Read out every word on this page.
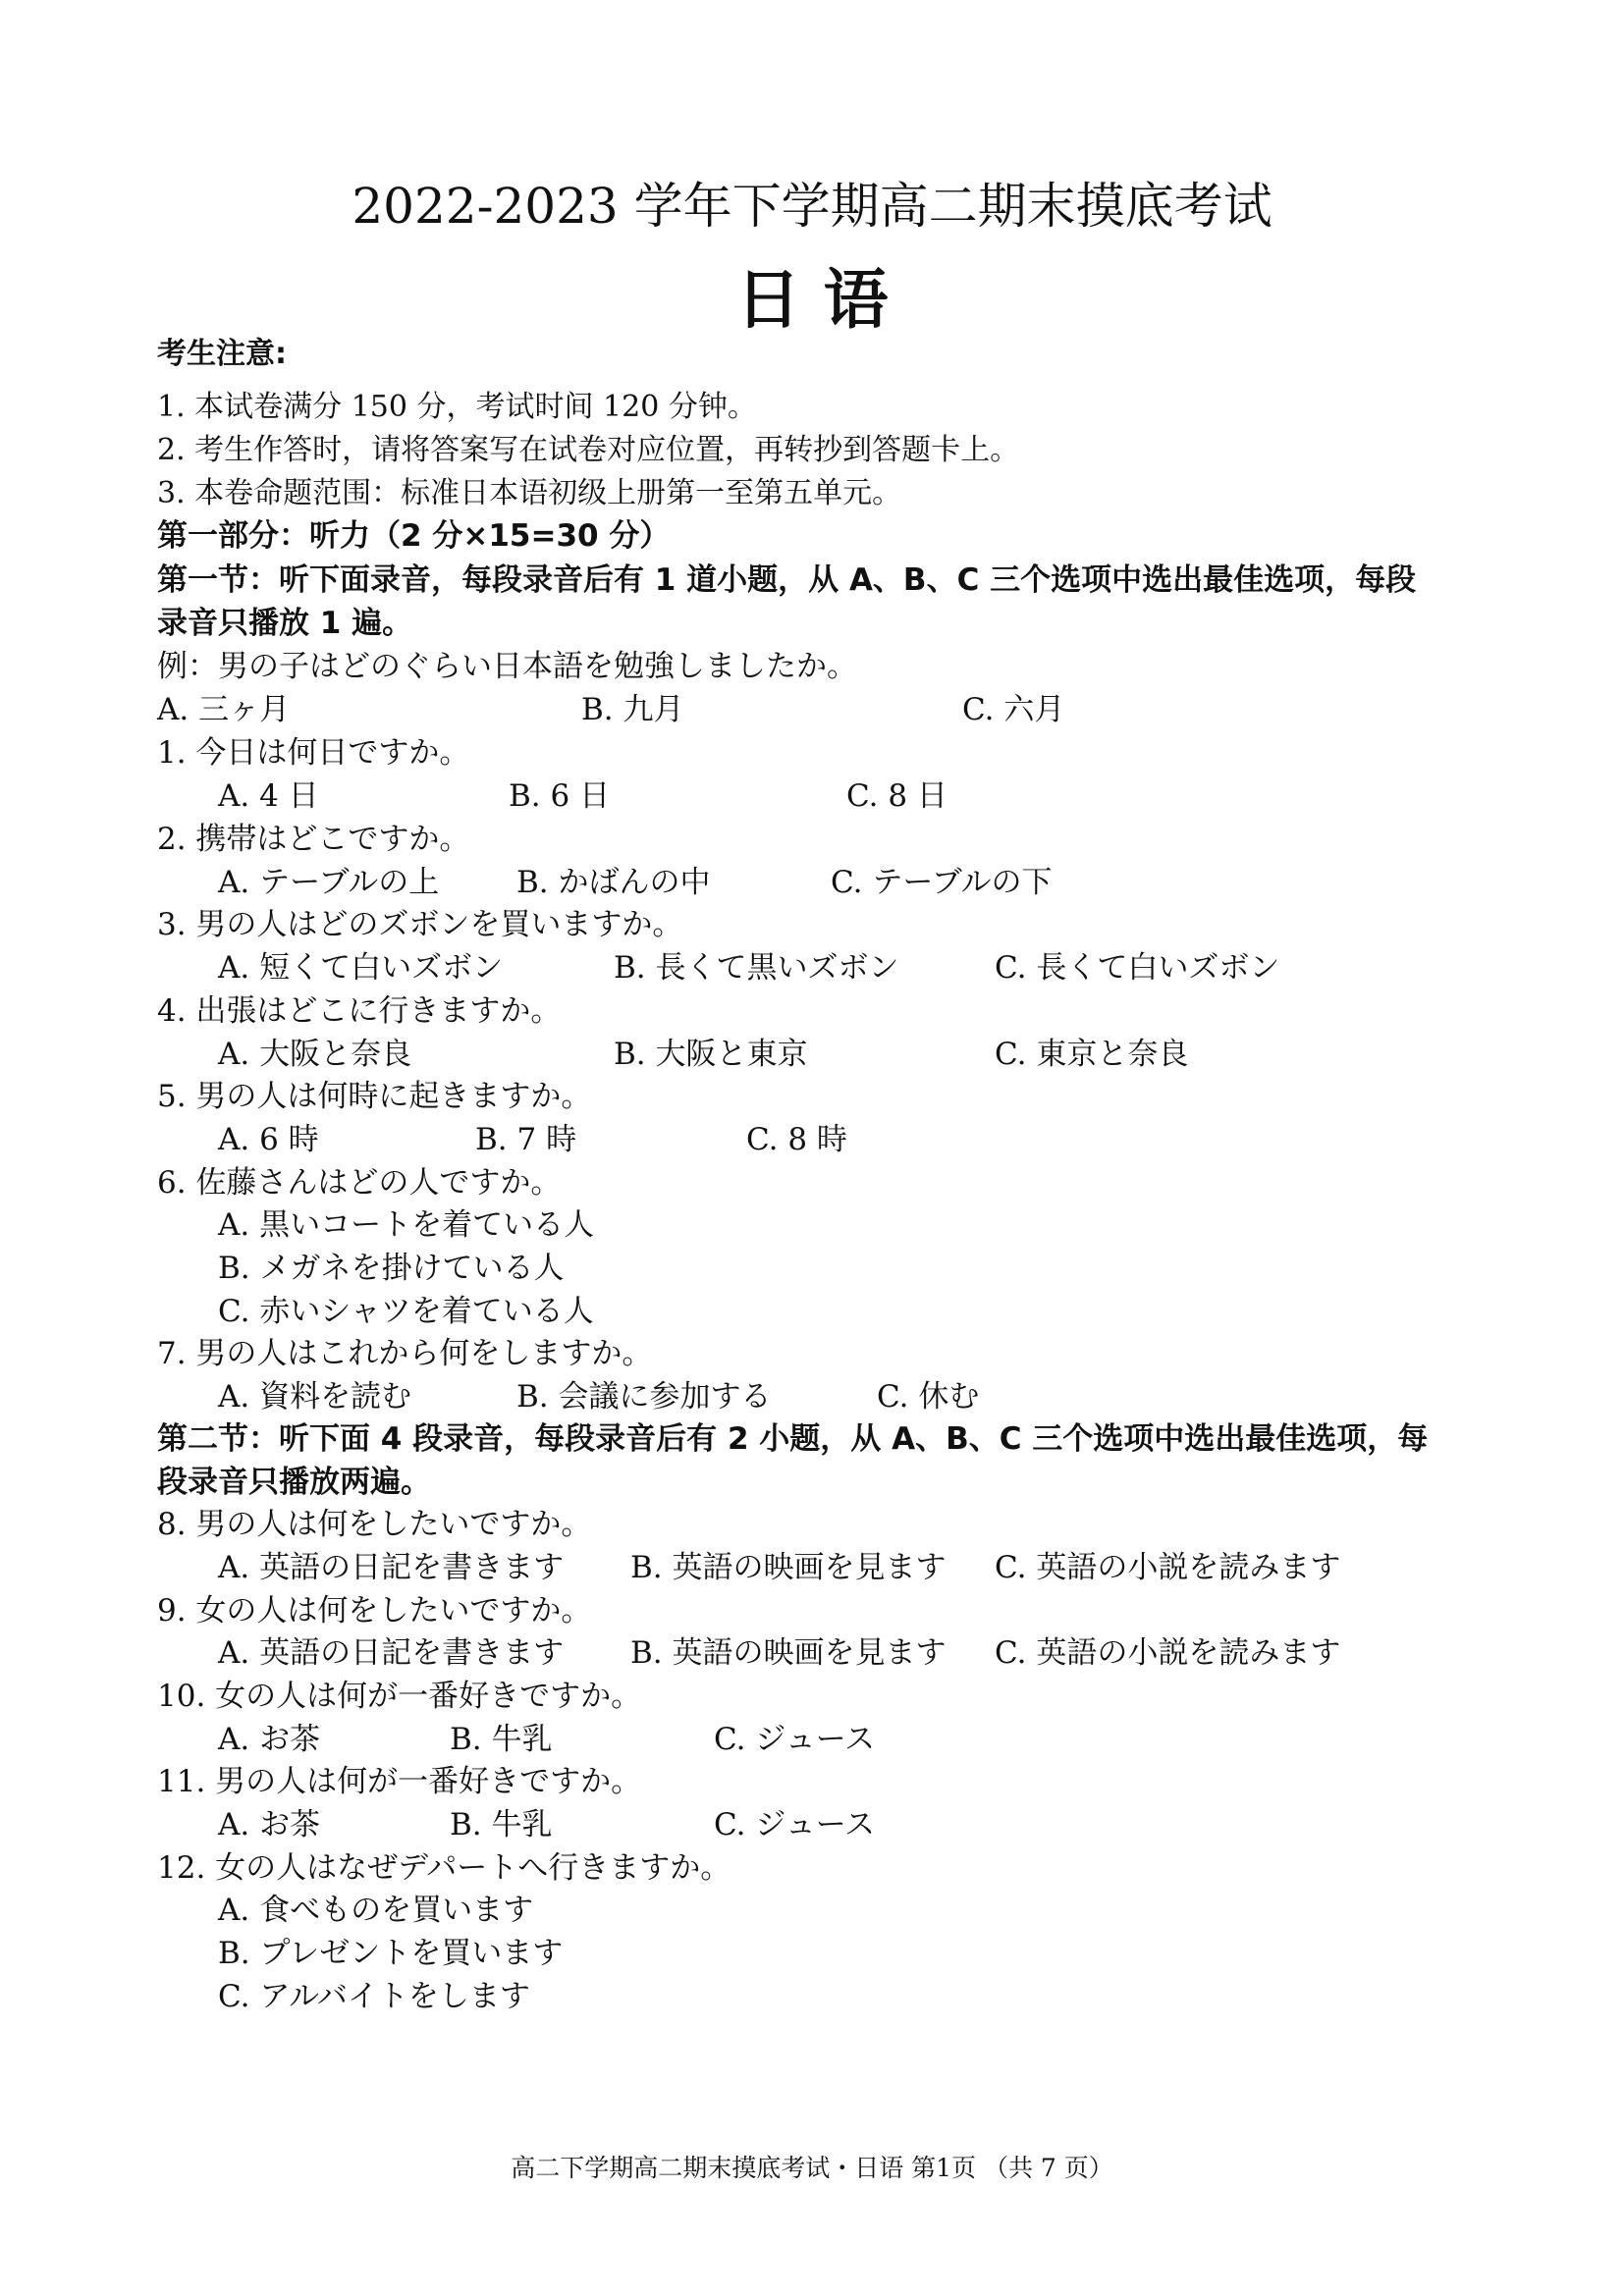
2022-2023 学年下学期高二期末摸底考试
日 语
考生注意:
1. 本试卷满分 150 分，考试时间 120 分钟。
2. 考生作答时，请将答案写在试卷对应位置，再转抄到答题卡上。
3. 本卷命题范围：标准日本语初级上册第一至第五单元。
第一部分：听力（2 分×15=30 分）
第一节：听下面录音，每段录音后有 1 道小题，从 A、B、C 三个选项中选出最佳选项，每段
录音只播放 1 遍。
例：男の子はどのぐらい日本語を勉強しましたか。
A. 三ヶ月	B. 九月	C. 六月
1. 今日は何日ですか。
A. 4 日	B. 6 日	C. 8 日
2. 携帯はどこですか。
A. テーブルの上	B. かばんの中	C. テーブルの下
3. 男の人はどのズボンを買いますか。
A. 短くて白いズボン	B. 長くて黒いズボン	C. 長くて白いズボン
4. 出張はどこに行きますか。
A. 大阪と奈良	B. 大阪と東京	C. 東京と奈良
5. 男の人は何時に起きますか。
A. 6 時	B. 7 時	C. 8 時
6. 佐藤さんはどの人ですか。
A. 黒いコートを着ている人
B. メガネを掛けている人
C. 赤いシャツを着ている人
7. 男の人はこれから何をしますか。
A. 資料を読む	B. 会議に参加する	C. 休む
第二节：听下面 4 段录音，每段录音后有 2 小题，从 A、B、C 三个选项中选出最佳选项，每
段录音只播放两遍。
8. 男の人は何をしたいですか。
A. 英語の日記を書きます B. 英語の映画を見ます C. 英語の小説を読みます
9. 女の人は何をしたいですか。
A. 英語の日記を書きます B. 英語の映画を見ます C. 英語の小説を読みます
10. 女の人は何が一番好きですか。
A. お茶	B. 牛乳	C. ジュース
11. 男の人は何が一番好きですか。
A. お茶	B. 牛乳	C. ジュース
12. 女の人はなぜデパートへ行きますか。
A. 食べものを買います
B. プレゼントを買います
C. アルバイトをします
高二下学期高二期末摸底考试・日语 第1页 （共 7 页）
